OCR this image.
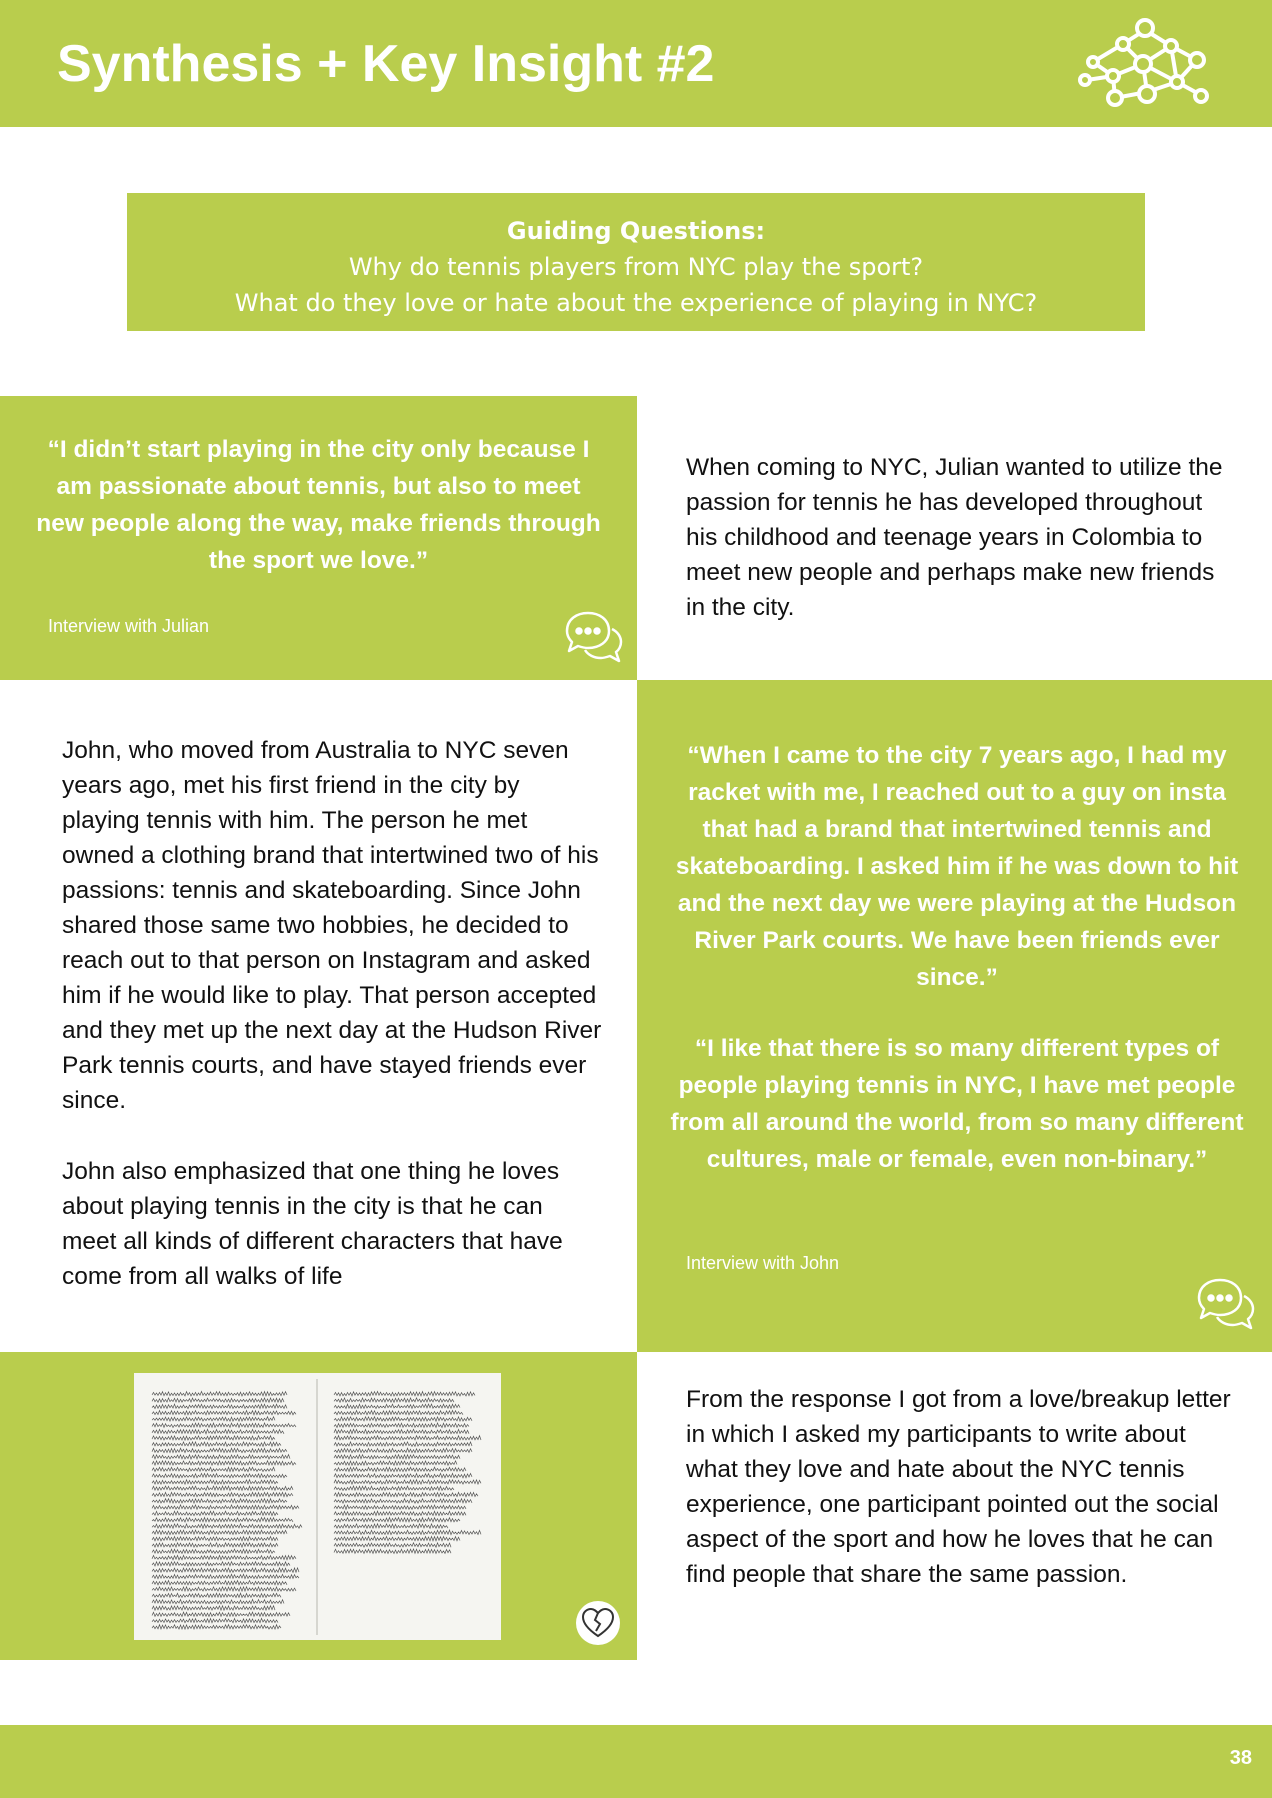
Synthesis + Key Insight #2
Guiding Questions:
Why do tennis players from NYC play the sport?
What do they love or hate about the experience of playing in NYC?
“I didn’t start playing in the city only because I am passionate about tennis, but also to meet new people along the way, make friends through the sport we love.”
Interview with Julian
When coming to NYC, Julian wanted to utilize the passion for tennis he has developed throughout his childhood and teenage years in Colombia to meet new people and perhaps make new friends in the city.
John, who moved from Australia to NYC seven years ago, met his first friend in the city by playing tennis with him. The person he met owned a clothing brand that intertwined two of his passions: tennis and skateboarding. Since John shared those same two hobbies, he decided to reach out to that person on Instagram and asked him if he would like to play. That person accepted and they met up the next day at the Hudson River Park tennis courts, and have stayed friends ever since.
John also emphasized that one thing he loves about playing tennis in the city is that he can meet all kinds of different characters that have come from all walks of life
“When I came to the city 7 years ago, I had my racket with me, I reached out to a guy on insta that had a brand that intertwined tennis and skateboarding. I asked him if he was down to hit and the next day we were playing at the Hudson River Park courts. We have been friends ever since.”
“I like that there is so many different types of people playing tennis in NYC, I have met people from all around the world, from so many different cultures, male or female, even non-binary.”
Interview with John
From the response I got from a love/breakup letter in which I asked my participants to write about what they love and hate about the NYC tennis experience, one participant pointed out the social aspect of the sport and how he loves that he can find people that share the same passion.
38
